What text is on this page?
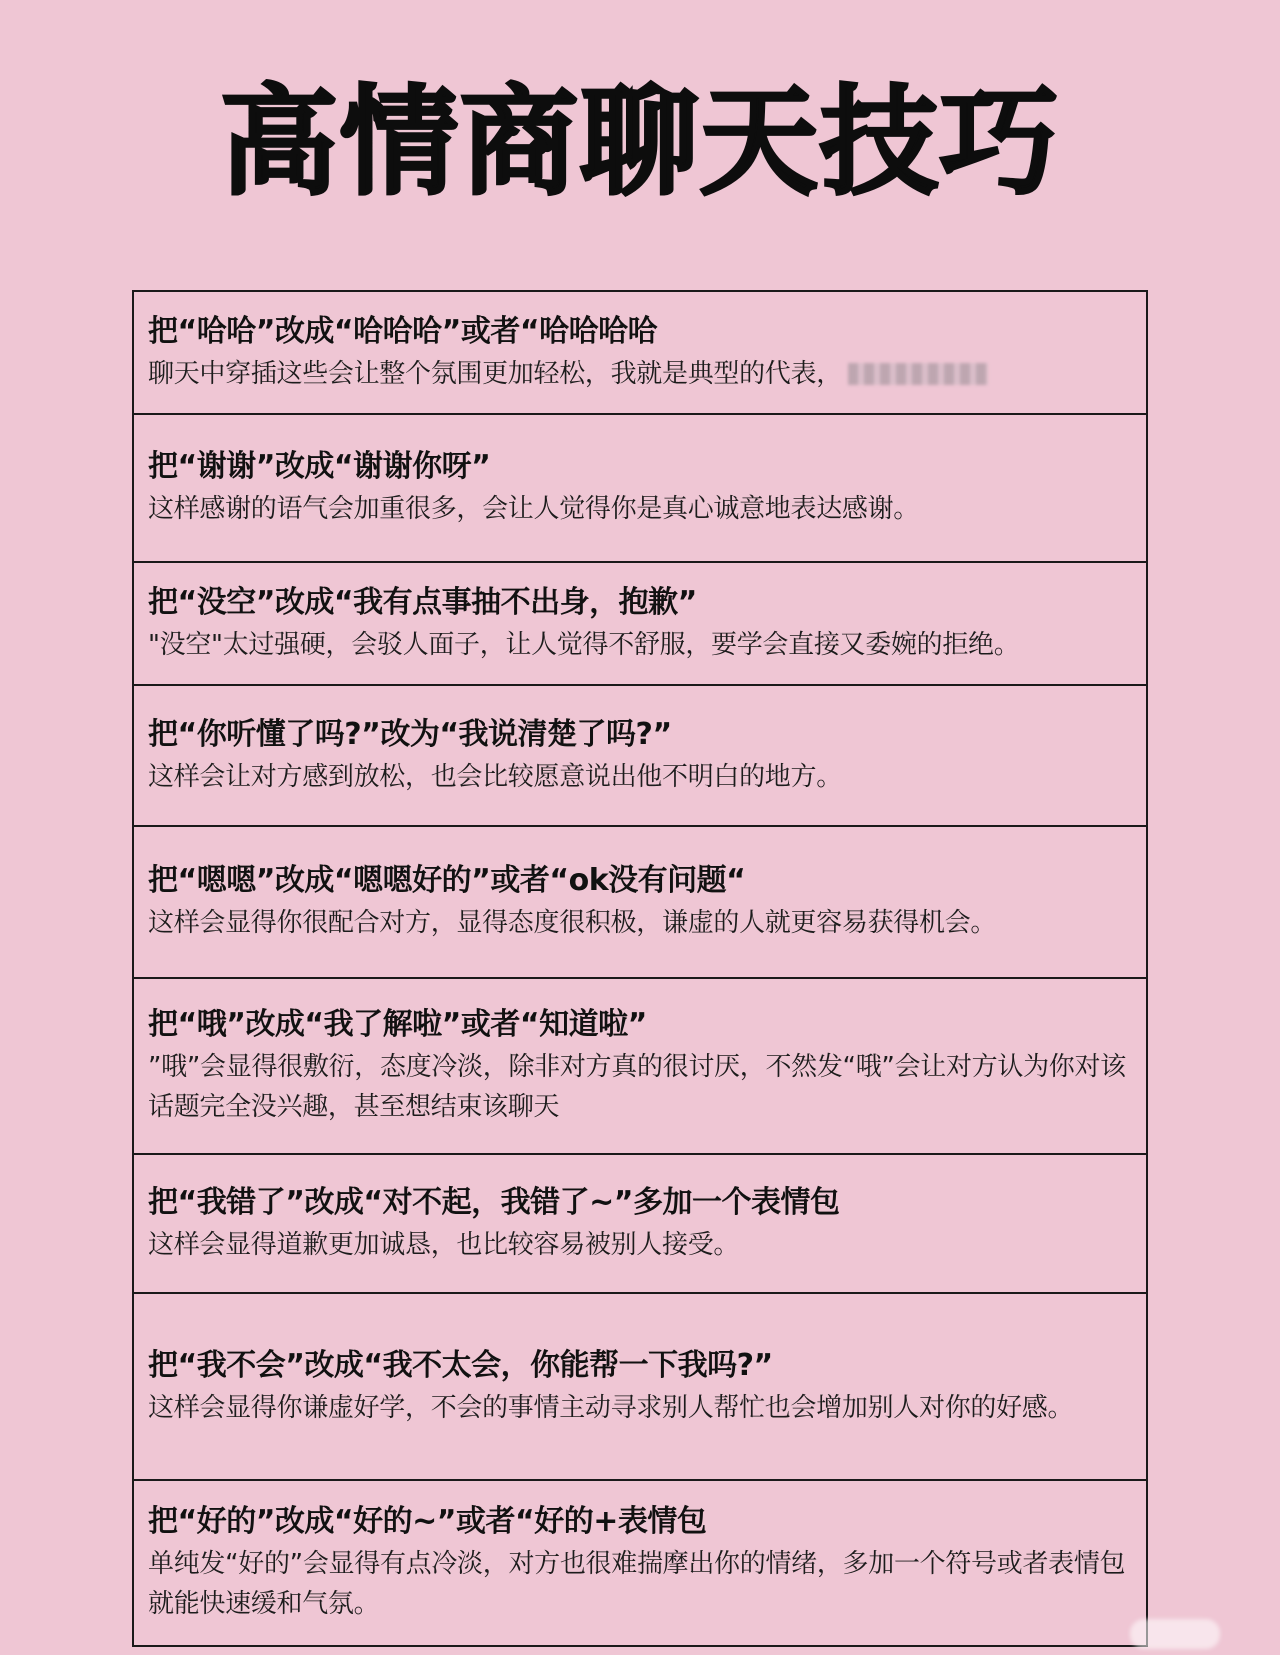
高情商聊天技巧
把“哈哈”改成“哈哈哈”或者“哈哈哈哈
聊天中穿插这些会让整个氛围更加轻松，我就是典型的代表，
把“谢谢”改成“谢谢你呀”
这样感谢的语气会加重很多，会让人觉得你是真心诚意地表达感谢。
把“没空”改成“我有点事抽不出身，抱歉”
"没空"太过强硬，会驳人面子，让人觉得不舒服，要学会直接又委婉的拒绝。
把“你听懂了吗?”改为“我说清楚了吗?”
这样会让对方感到放松，也会比较愿意说出他不明白的地方。
把“嗯嗯”改成“嗯嗯好的”或者“ok没有问题“
这样会显得你很配合对方，显得态度很积极，谦虚的人就更容易获得机会。
把“哦”改成“我了解啦”或者“知道啦”
”哦”会显得很敷衍，态度冷淡，除非对方真的很讨厌，不然发“哦”会让对方认为你对该话题完全没兴趣，甚至想结束该聊天
把“我错了”改成“对不起，我错了~”多加一个表情包
这样会显得道歉更加诚恳，也比较容易被别人接受。
把“我不会”改成“我不太会，你能帮一下我吗?”
这样会显得你谦虚好学，不会的事情主动寻求别人帮忙也会增加别人对你的好感。
把“好的”改成“好的~”或者“好的+表情包
单纯发“好的”会显得有点冷淡，对方也很难揣摩出你的情绪，多加一个符号或者表情包就能快速缓和气氛。
